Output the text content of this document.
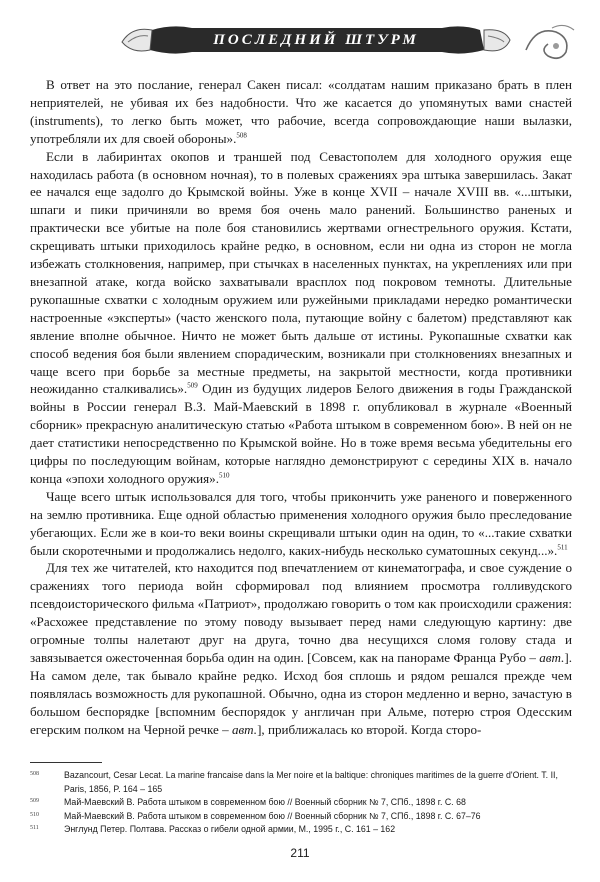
ПОСЛЕДНИЙ ШТУРМ

В ответ на это послание, генерал Сакен писал: «солдатам нашим приказано брать в плен неприятелей, не убивая их без надобности. Что же касается до упомянутых вами снастей (instruments), то легко быть может, что рабочие, всегда сопровождающие наши вылазки, употребляли их для своей обороны».$^{508}$

Если в лабиринтах окопов и траншей под Севастополем для холодного оружия еще находилась работа (в основном ночная), то в полевых сражениях эра штыка завершилась. Закат ее начался еще задолго до Крымской войны. Уже в конце XVII – начале XVIII вв. «...штыки, шпаги и пики причиняли во время боя очень мало ранений. Большинство раненых и практически все убитые на поле боя становились жертвами огнестрельного оружия. Кстати, скрещивать штыки приходилось крайне редко, в основном, если ни одна из сторон не могла избежать столкновения, например, при стычках в населенных пунктах, на укреплениях или при внезапной атаке, когда войско захватывали врасплох под покровом темноты. Длительные рукопашные схватки с холодным оружием или ружейными прикладами нередко романтически настроенные «эксперты» (часто женского пола, путающие войну с балетом) представляют как явление вполне обычное. Ничто не может быть дальше от истины. Рукопашные схватки как способ ведения боя были явлением спорадическим, возникали при столкновениях внезапных и чаще всего при борьбе за местные предметы, на закрытой местности, когда противники неожиданно сталкивались».$^{509}$ Один из будущих лидеров Белого движения в годы Гражданской войны в России генерал В.З. Май-Маевский в 1898 г. опубликовал в журнале «Военный сборник» прекрасную аналитическую статью «Работа штыком в современном бою». В ней он не дает статистики непосредственно по Крымской войне. Но в тоже время весьма убедительны его цифры по последующим войнам, которые наглядно демонстрируют с середины XIX в. начало конца «эпохи холодного оружия».$^{510}$

Чаще всего штык использовался для того, чтобы прикончить уже раненого и поверженного на землю противника. Еще одной областью применения холодного оружия было преследование убегающих. Если же в кои-то веки воины скрещивали штыки один на один, то «...такие схватки были скоротечными и продолжались недолго, каких-нибудь несколько суматошных секунд...».$^{511}$

Для тех же читателей, кто находится под впечатлением от кинематографа, и свое суждение о сражениях того периода войн сформировал под влиянием просмотра голливудского псевдоисторического фильма «Патриот», продолжаю говорить о том как происходили сражения: «Расхожее представление по этому поводу вызывает перед нами следующую картину: две огромные толпы налетают друг на друга, точно два несущихся сломя голову стада и завязывается ожесточенная борьба один на один. [Совсем, как на панораме Франца Рубо – авт.]. На самом деле, так бывало крайне редко. Исход боя сплошь и рядом решался прежде чем появлялась возможность для рукопашной. Обычно, одна из сторон медленно и верно, зачастую в большом беспорядке [вспомним беспорядок у англичан при Альме, потерю строя Одесским егерским полком на Черной речке – авт.], приближалась ко второй. Когда сторо-

508	Bazancourt, Cesar Lecat. La marine francaise dans la Mer noire et la baltique: chroniques maritimes de la guerre d'Orient. T. II, Paris, 1856, P. 164 – 165
509	Май-Маевский В. Работа штыком в современном бою // Военный сборник № 7, СПб., 1898 г. С. 68
510	Май-Маевский В. Работа штыком в современном бою // Военный сборник № 7, СПб., 1898 г. С. 67–76
511	Энглунд Петер. Полтава. Рассказ о гибели одной армии, М., 1995 г., С. 161 – 162
211
